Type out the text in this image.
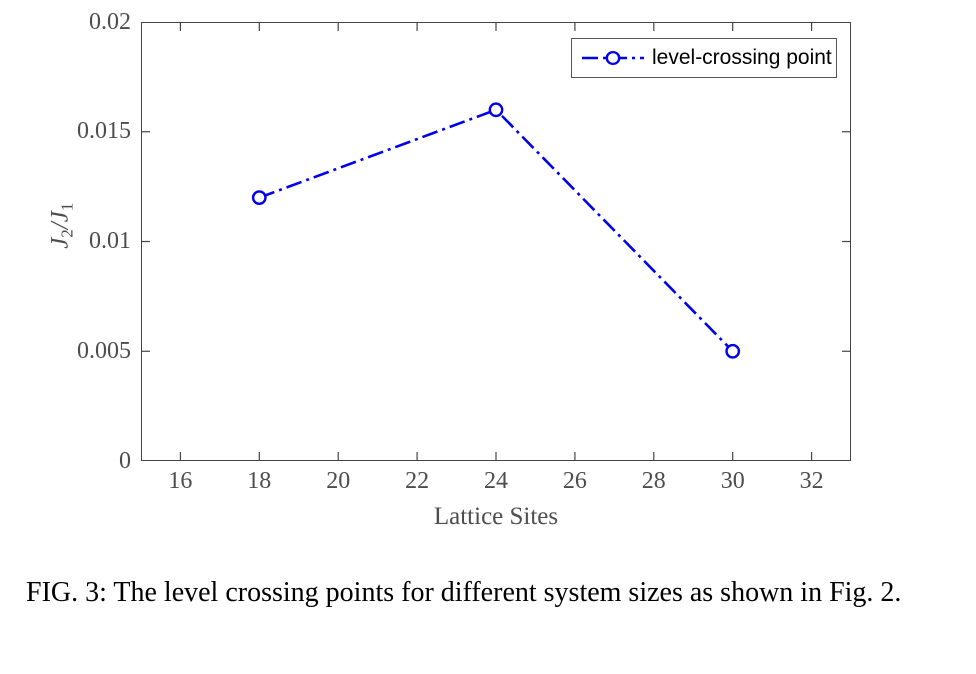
0
0.005
0.01
0.015
0.02
level-crossing point
16 18 20 22 24 26 28 30 32
Lattice Sites
$J_2/J_1$
FIG. 3: The level crossing points for different system sizes as shown in Fig. 2.
